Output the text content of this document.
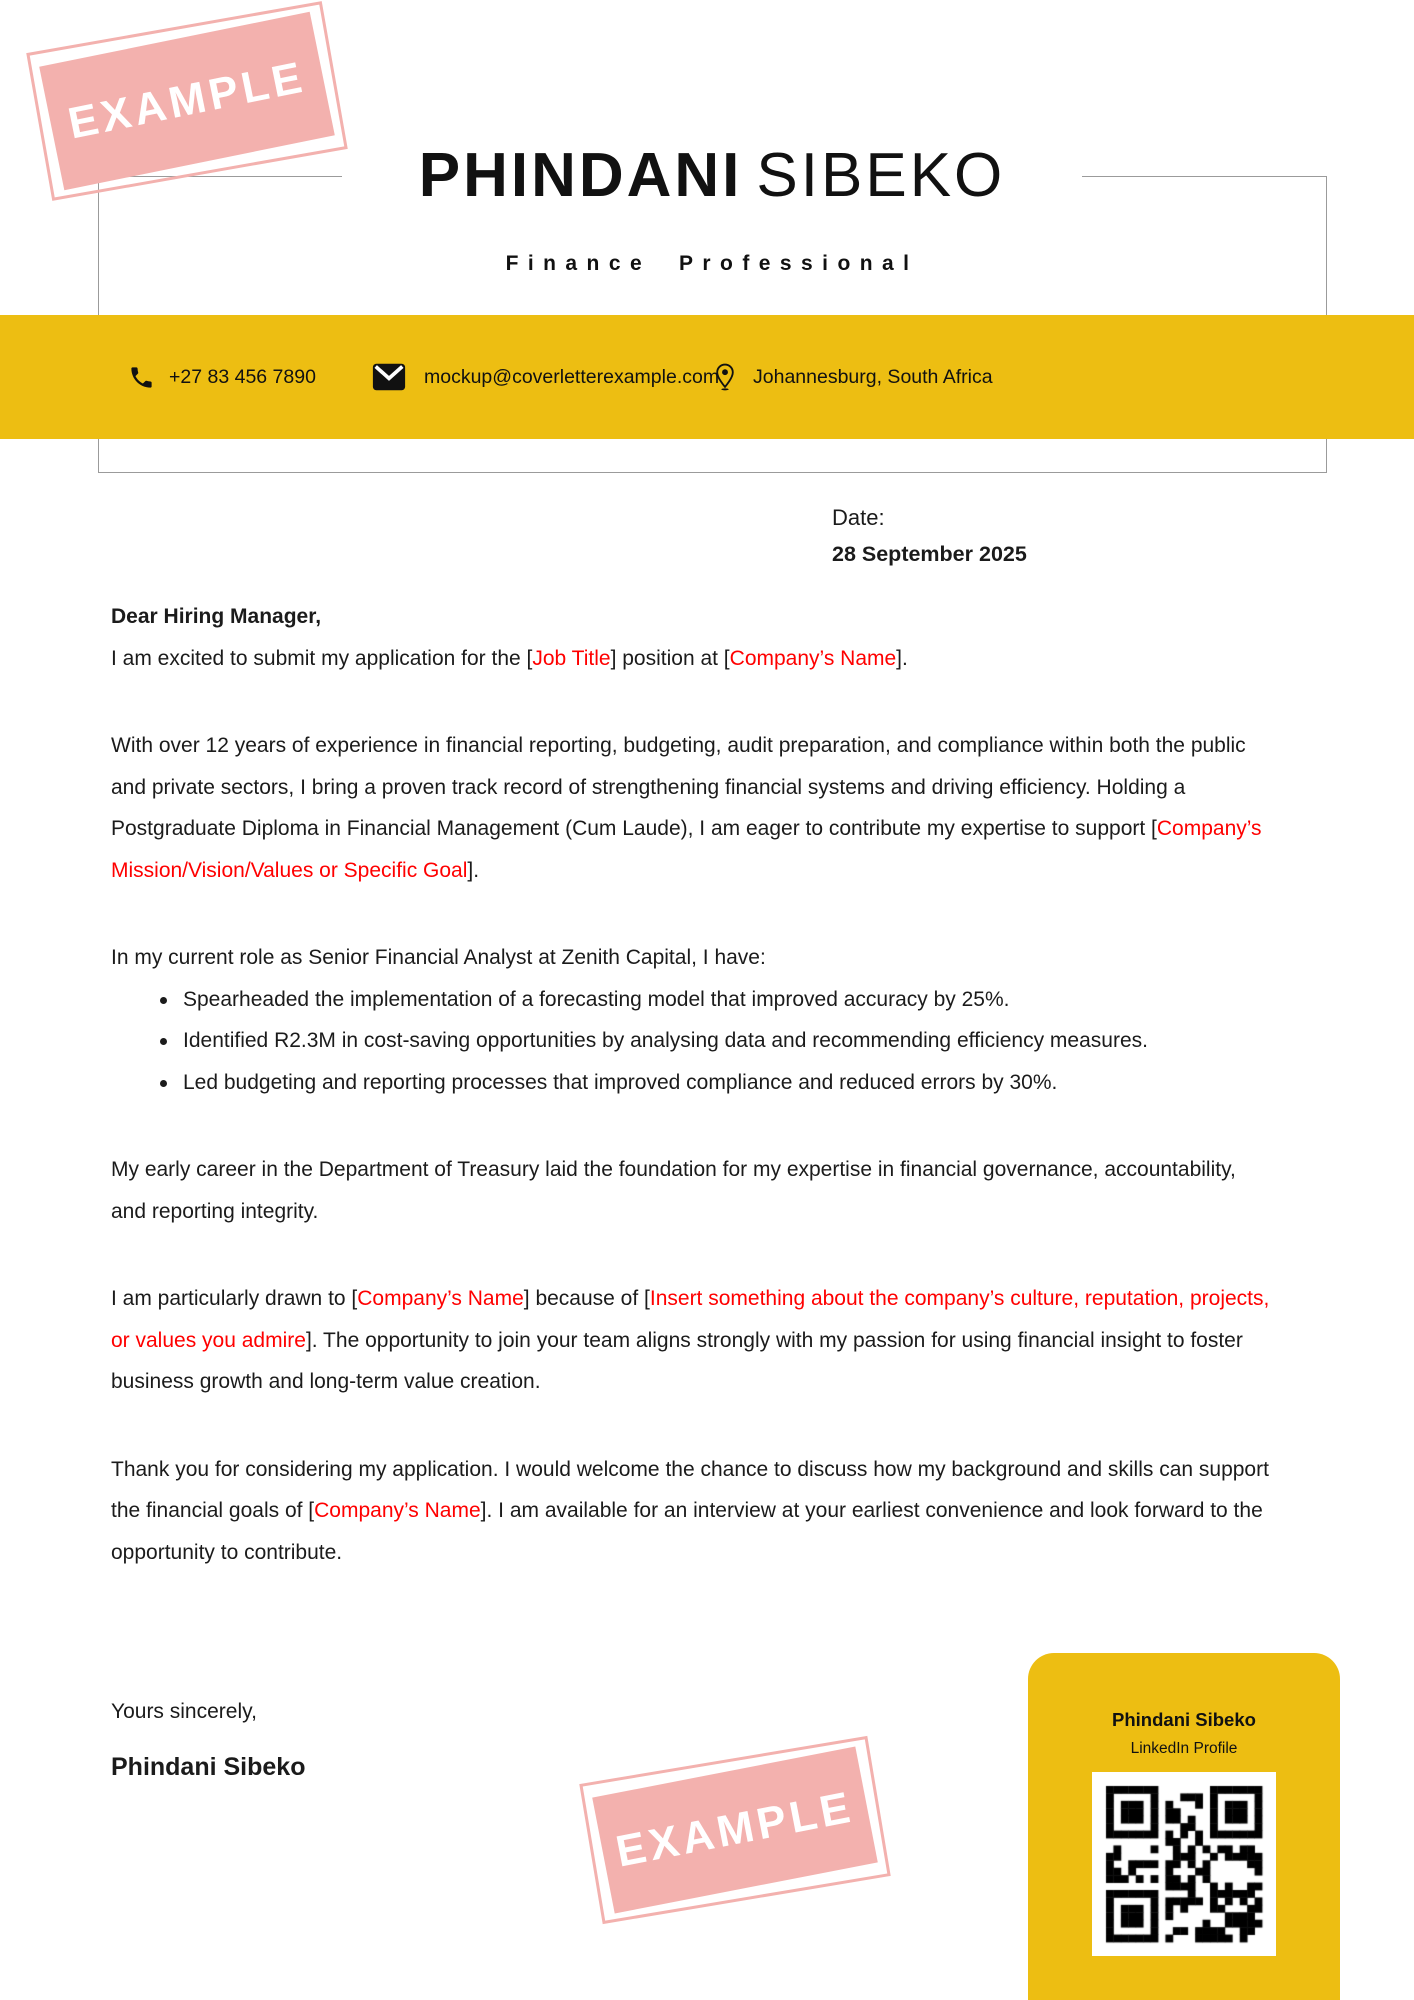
PHINDANI SIBEKO
Finance Professional
+27 83 456 7890	mockup@coverletterexample.com Johannesburg, South Africa
Date:
28 September 2025

Dear Hiring Manager,

I am excited to submit my application for the [Job Title] position at [Company’s Name].

With over 12 years of experience in financial reporting, budgeting, audit preparation, and compliance within both the public and private sectors, I bring a proven track record of strengthening financial systems and driving efficiency. Holding a Postgraduate Diploma in Financial Management (Cum Laude), I am eager to contribute my expertise to support [Company’s Mission/Vision/Values or Specific Goal].

In my current role as Senior Financial Analyst at Zenith Capital, I have:

Spearheaded the implementation of a forecasting model that improved accuracy by 25%.
Identified R2.3M in cost-saving opportunities by analysing data and recommending efficiency measures.
Led budgeting and reporting processes that improved compliance and reduced errors by 30%.

My early career in the Department of Treasury laid the foundation for my expertise in financial governance, accountability, and reporting integrity.

I am particularly drawn to [Company’s Name] because of [Insert something about the company’s culture, reputation, projects, or values you admire]. The opportunity to join your team aligns strongly with my passion for using financial insight to foster business growth and long-term value creation.

Thank you for considering my application. I would welcome the chance to discuss how my background and skills can support the financial goals of [Company’s Name]. I am available for an interview at your earliest convenience and look forward to the opportunity to contribute.

Yours sincerely,

Phindani Sibeko

EXAMPLE
EXAMPLE
Phindani Sibeko
LinkedIn Profile
